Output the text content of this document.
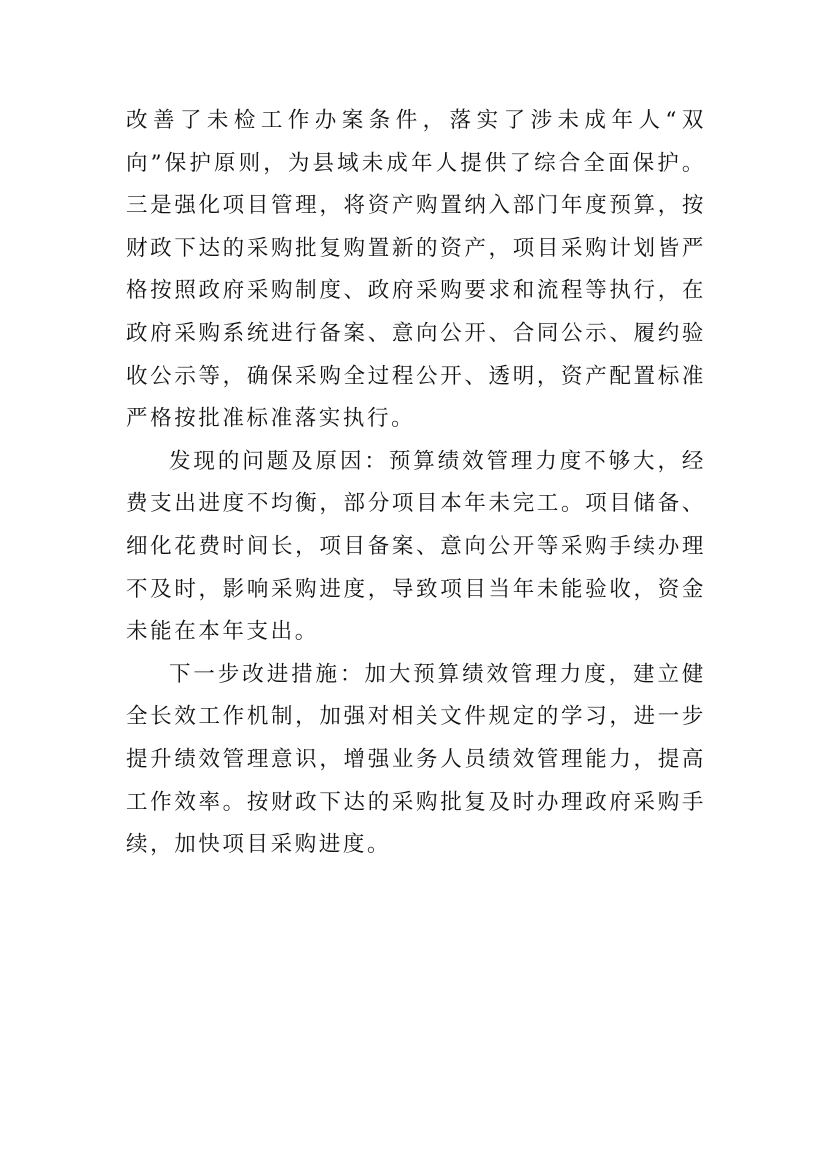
改善了未检工作办案条件，落实了涉未成年人“双向”保护原则，为县域未成年人提供了综合全面保护。三是强化项目管理，将资产购置纳入部门年度预算，按财政下达的采购批复购置新的资产，项目采购计划皆严格按照政府采购制度、政府采购要求和流程等执行，在政府采购系统进行备案、意向公开、合同公示、履约验收公示等，确保采购全过程公开、透明，资产配置标准严格按批准标准落实执行。

发现的问题及原因：预算绩效管理力度不够大，经费支出进度不均衡，部分项目本年未完工。项目储备、细化花费时间长，项目备案、意向公开等采购手续办理不及时，影响采购进度，导致项目当年未能验收，资金未能在本年支出。

下一步改进措施：加大预算绩效管理力度，建立健全长效工作机制，加强对相关文件规定的学习，进一步提升绩效管理意识，增强业务人员绩效管理能力，提高工作效率。按财政下达的采购批复及时办理政府采购手续，加快项目采购进度。
